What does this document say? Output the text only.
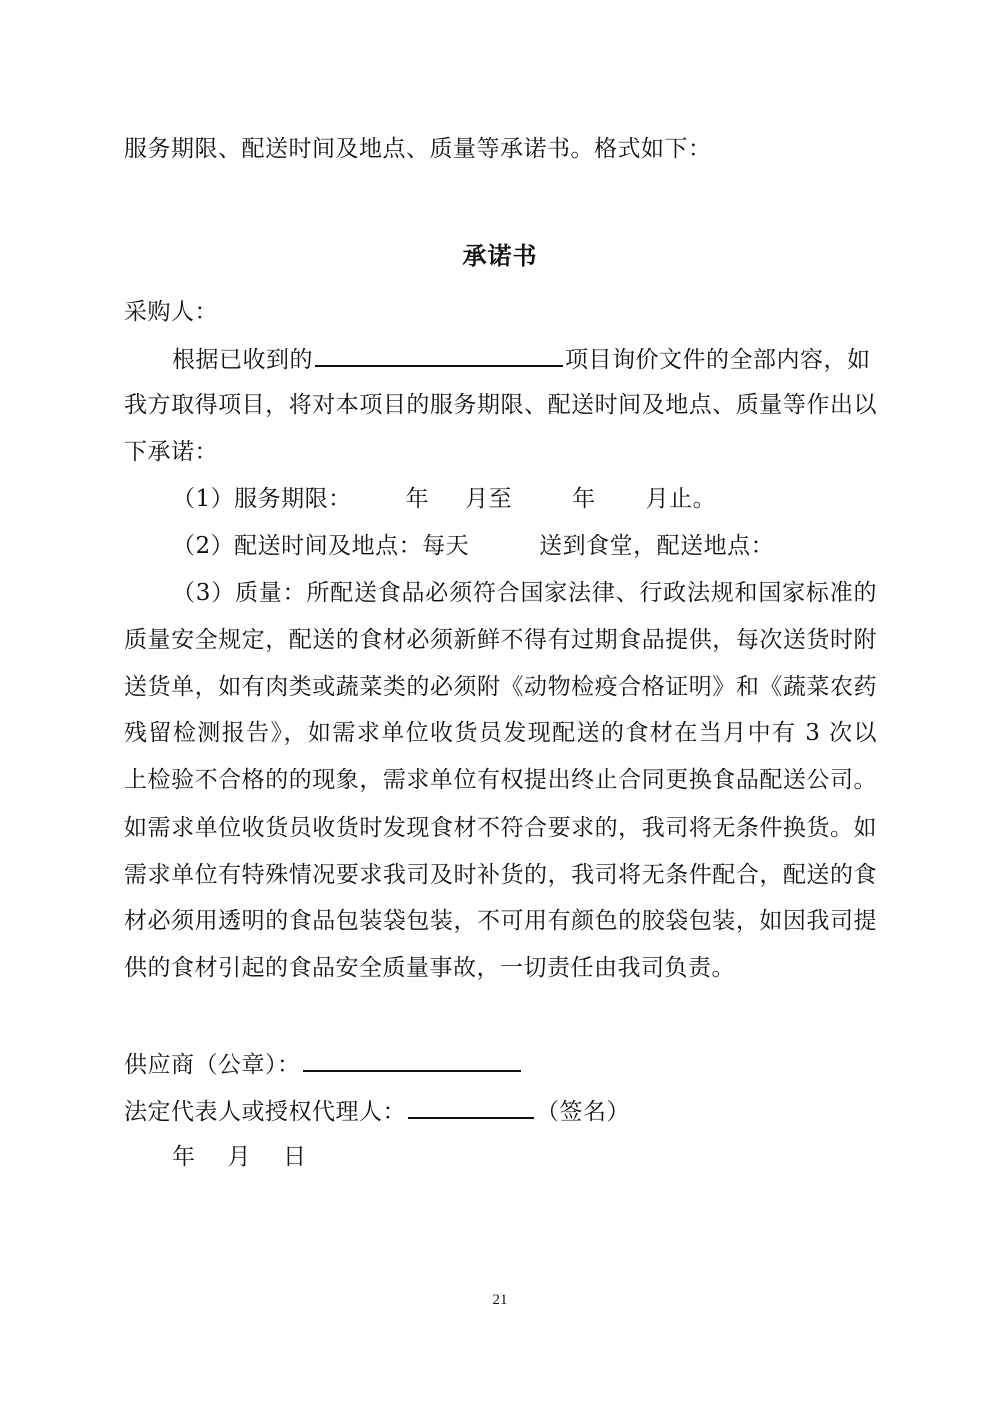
服务期限、配送时间及地点、质量等承诺书。格式如下：
承诺书
采购人：
根据已收到的	项目询价文件的全部内容，如
我方取得项目，将对本项目的服务期限、配送时间及地点、质量等作出以
下承诺：
（1）服务期限： 年 月至	年 月止。
（2）配送时间及地点：每天	送到食堂，配送地点：
（3）质量：所配送食品必须符合国家法律、行政法规和国家标准的
质量安全规定，配送的食材必须新鲜不得有过期食品提供，每次送货时附
送货单，如有肉类或蔬菜类的必须附《动物检疫合格证明》和《蔬菜农药
残留检测报告》，如需求单位收货员发现配送的食材在当月中有 3 次以
上检验不合格的的现象，需求单位有权提出终止合同更换食品配送公司。
如需求单位收货员收货时发现食材不符合要求的，我司将无条件换货。如
需求单位有特殊情况要求我司及时补货的，我司将无条件配合，配送的食
材必须用透明的食品包装袋包装，不可用有颜色的胶袋包装，如因我司提
供的食材引起的食品安全质量事故，一切责任由我司负责。
供应商（公章）：
法定代表人或授权代理人：	（签名）
年 月 日
21
